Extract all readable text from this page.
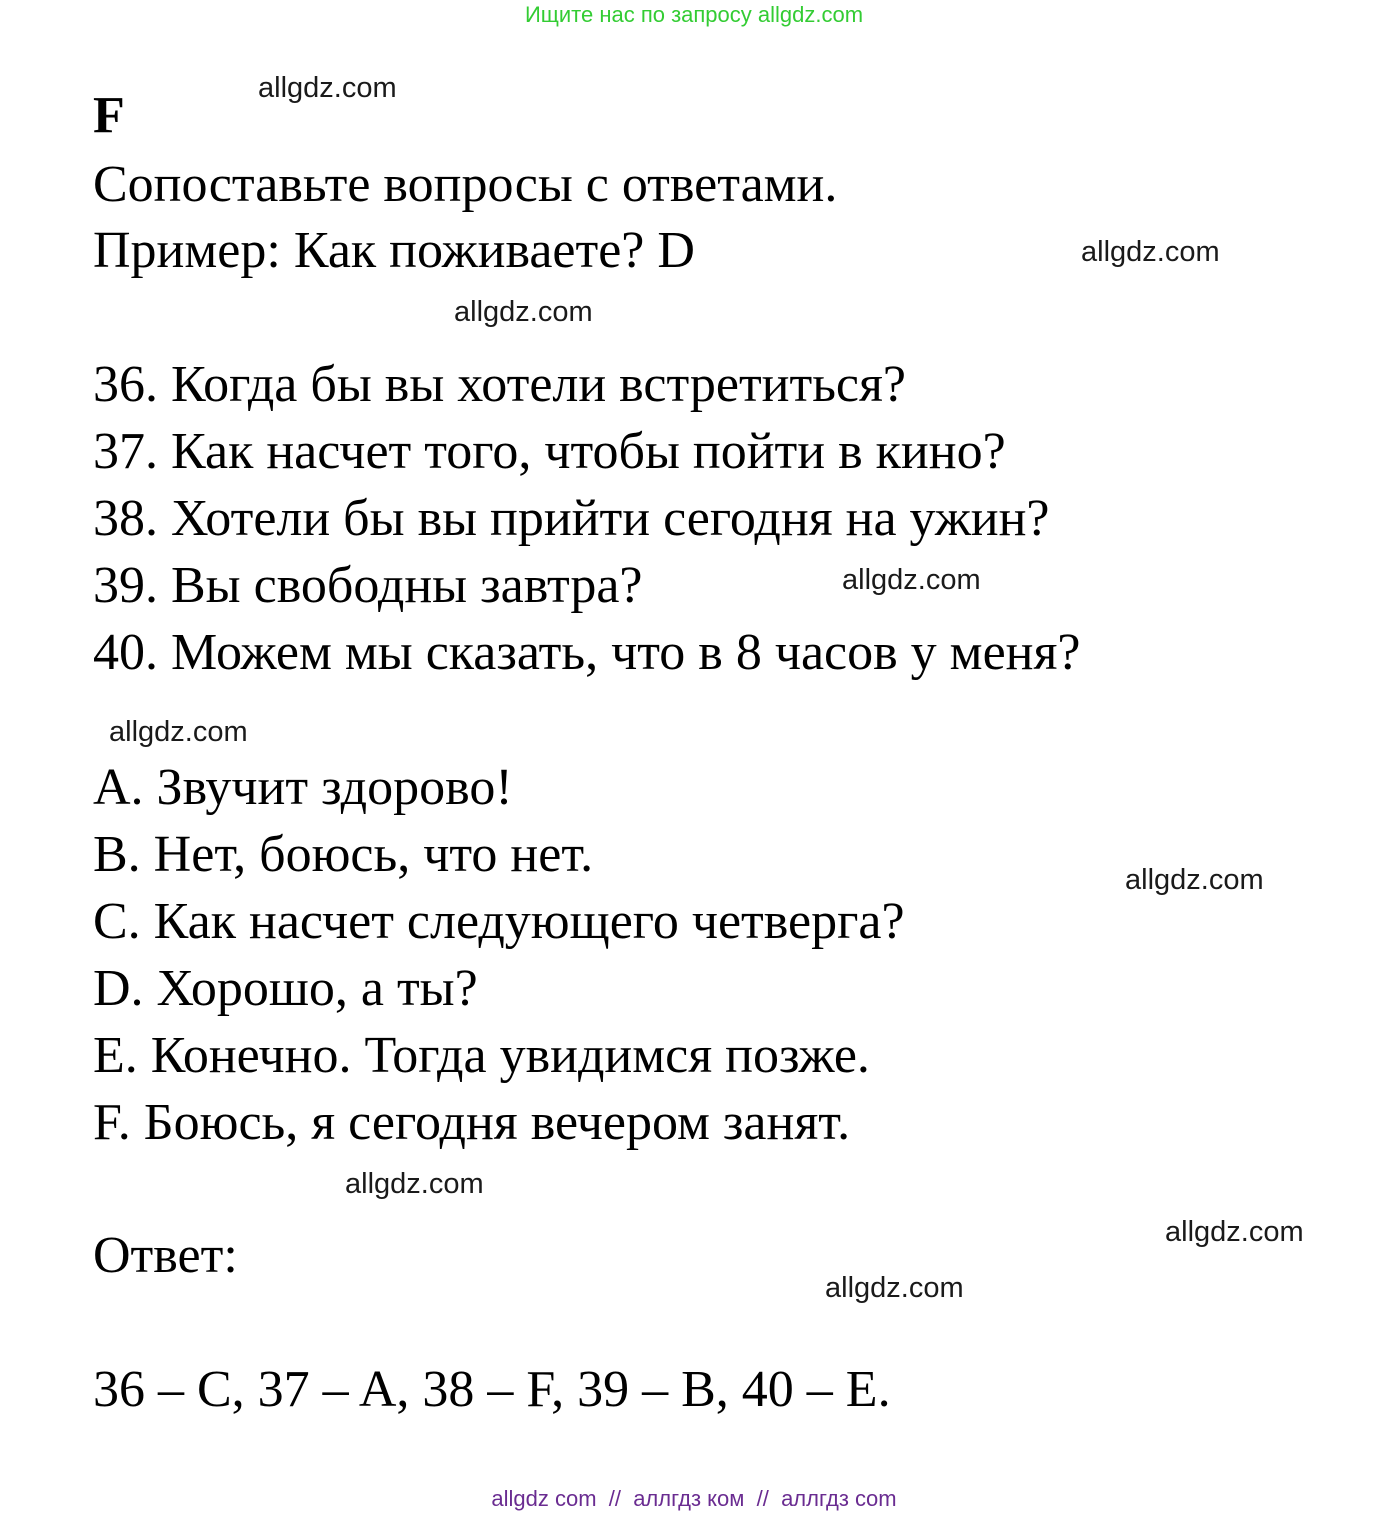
Ищите нас по запросу allgdz.com
F
Сопоставьте вопросы с ответами.
Пример: Как поживаете? D
36. Когда бы вы хотели встретиться?
37. Как насчет того, чтобы пойти в кино?
38. Хотели бы вы прийти сегодня на ужин?
39. Вы свободны завтра?
40. Можем мы сказать, что в 8 часов у меня?
A. Звучит здорово!
B. Нет, боюсь, что нет.
C. Как насчет следующего четверга?
D. Хорошо, а ты?
E. Конечно. Тогда увидимся позже.
F. Боюсь, я сегодня вечером занят.
Ответ:
36 – C, 37 – A, 38 – F, 39 – B, 40 – E.
allgdz.com
allgdz.com
allgdz.com
allgdz.com
allgdz.com
allgdz.com
allgdz.com
allgdz.com
allgdz.com
allgdz com  //  аллгдз ком  //  аллгдз com
